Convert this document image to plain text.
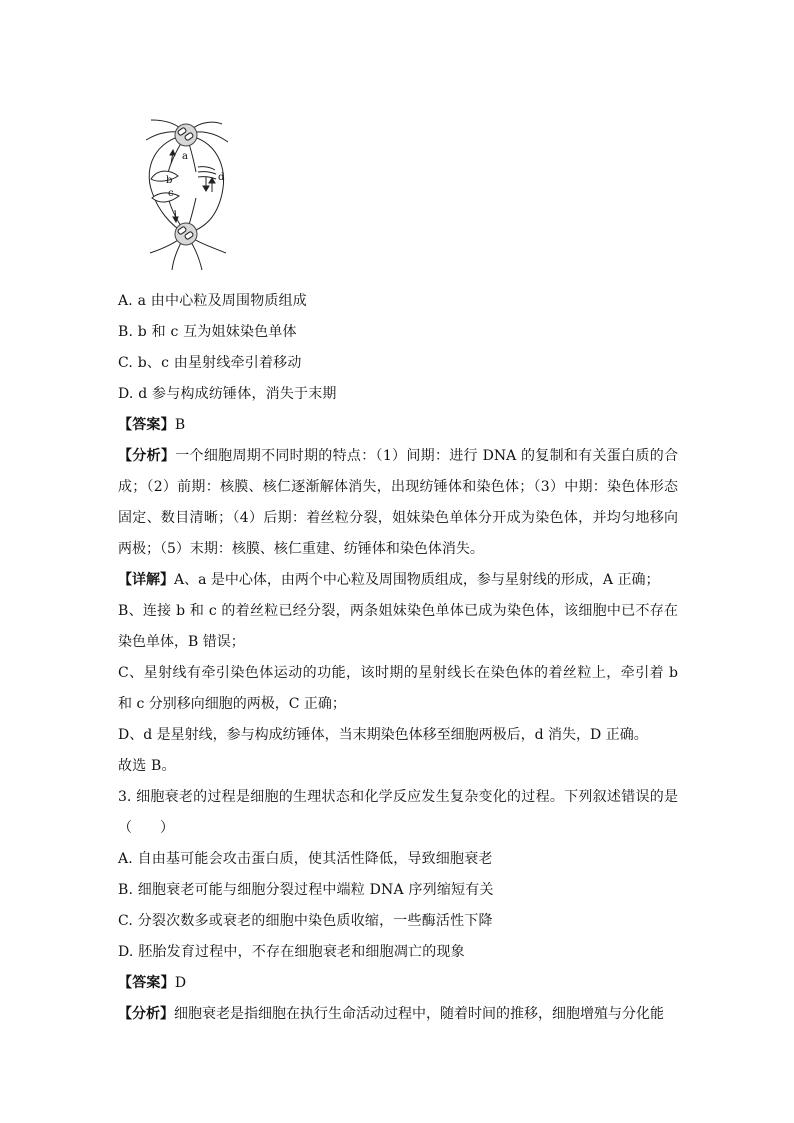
a
b
c
d
A. a 由中心粒及周围物质组成
B. b 和 c 互为姐妹染色单体
C. b、c 由星射线牵引着移动
D. d 参与构成纺锤体，消失于末期
【答案】B
【分析】一个细胞周期不同时期的特点：（1）间期：进行 DNA 的复制和有关蛋白质的合成；（2）前期：核膜、核仁逐渐解体消失，出现纺锤体和染色体；（3）中期：染色体形态固定、数目清晰；（4）后期：着丝粒分裂，姐妹染色单体分开成为染色体，并均匀地移向两极；（5）末期：核膜、核仁重建、纺锤体和染色体消失。
【详解】A、a 是中心体，由两个中心粒及周围物质组成，参与星射线的形成，A 正确；
B、连接 b 和 c 的着丝粒已经分裂，两条姐妹染色单体已成为染色体，该细胞中已不存在染色单体，B 错误；
C、星射线有牵引染色体运动的功能，该时期的星射线长在染色体的着丝粒上，牵引着 b 和 c 分别移向细胞的两极，C 正确；
D、d 是星射线，参与构成纺锤体，当末期染色体移至细胞两极后，d 消失，D 正确。
故选 B。
3. 细胞衰老的过程是细胞的生理状态和化学反应发生复杂变化的过程。下列叙述错误的是（　　）
A. 自由基可能会攻击蛋白质，使其活性降低，导致细胞衰老
B. 细胞衰老可能与细胞分裂过程中端粒 DNA 序列缩短有关
C. 分裂次数多或衰老的细胞中染色质收缩，一些酶活性下降
D. 胚胎发育过程中，不存在细胞衰老和细胞凋亡的现象
【答案】D
【分析】细胞衰老是指细胞在执行生命活动过程中，随着时间的推移，细胞增殖与分化能
